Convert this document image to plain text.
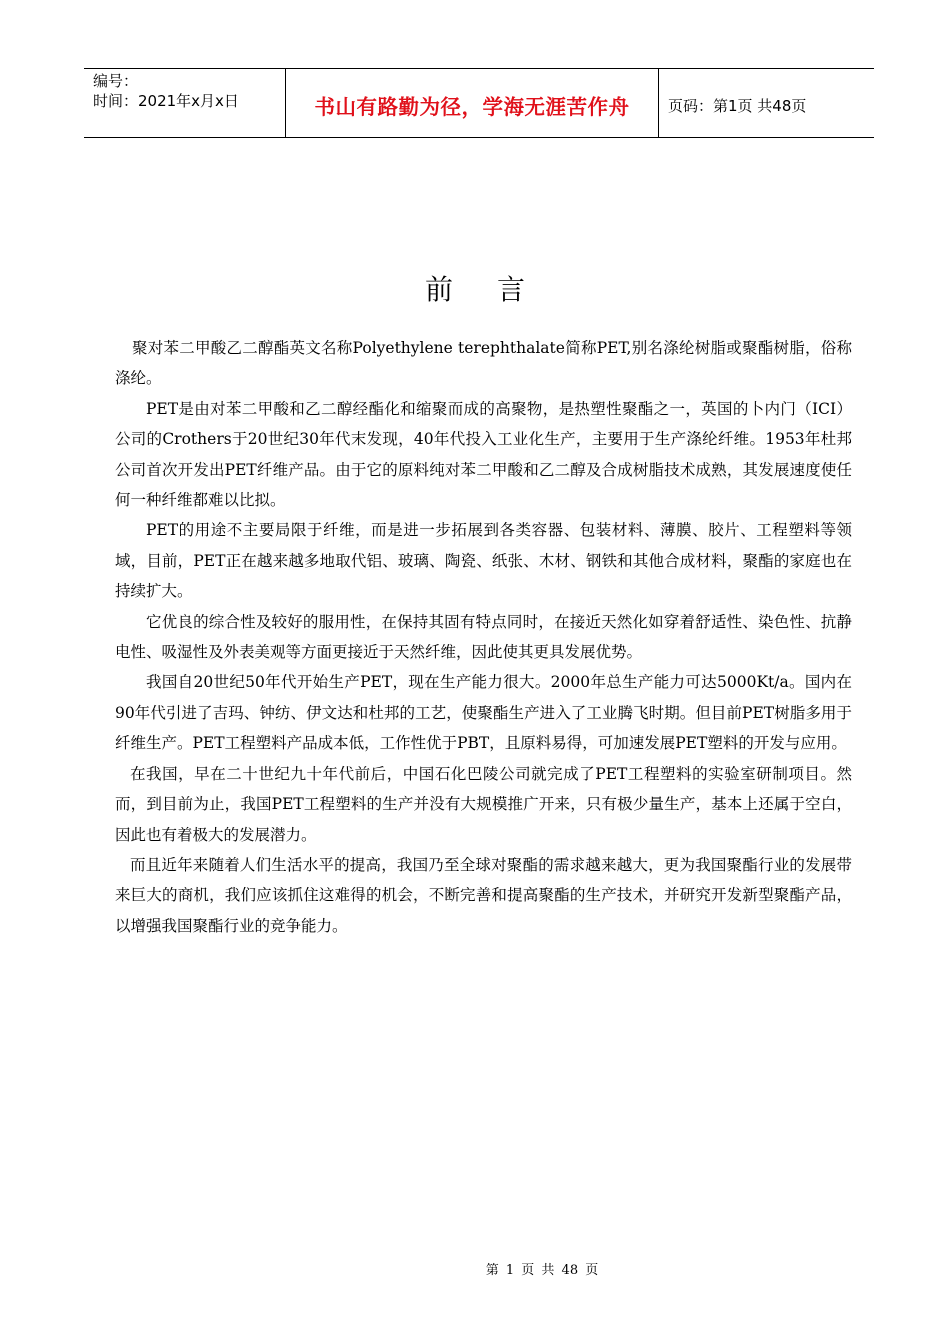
编号：
时间：2021年x月x日	书山有路勤为径，学海无涯苦作舟	页码：第1页 共48页
前言

聚对苯二甲酸乙二醇酯英文名称Polyethylene terephthalate简称PET,别名涤纶树脂或聚酯树脂，俗称涤纶。

PET是由对苯二甲酸和乙二醇经酯化和缩聚而成的高聚物，是热塑性聚酯之一，英国的卜内门（ICI）公司的Crothers于20世纪30年代末发现，40年代投入工业化生产，主要用于生产涤纶纤维。1953年杜邦公司首次开发出PET纤维产品。由于它的原料纯对苯二甲酸和乙二醇及合成树脂技术成熟，其发展速度使任何一种纤维都难以比拟。

PET的用途不主要局限于纤维，而是进一步拓展到各类容器、包装材料、薄膜、胶片、工程塑料等领域，目前，PET正在越来越多地取代铝、玻璃、陶瓷、纸张、木材、钢铁和其他合成材料，聚酯的家庭也在持续扩大。

它优良的综合性及较好的服用性，在保持其固有特点同时，在接近天然化如穿着舒适性、染色性、抗静电性、吸湿性及外表美观等方面更接近于天然纤维，因此使其更具发展优势。

我国自20世纪50年代开始生产PET，现在生产能力很大。2000年总生产能力可达5000Kt/a。国内在90年代引进了吉玛、钟纺、伊文达和杜邦的工艺，使聚酯生产进入了工业腾飞时期。但目前PET树脂多用于纤维生产。PET工程塑料产品成本低，工作性优于PBT，且原料易得，可加速发展PET塑料的开发与应用。

在我国，早在二十世纪九十年代前后，中国石化巴陵公司就完成了PET工程塑料的实验室研制项目。然而，到目前为止，我国PET工程塑料的生产并没有大规模推广开来，只有极少量生产，基本上还属于空白，因此也有着极大的发展潜力。

而且近年来随着人们生活水平的提高，我国乃至全球对聚酯的需求越来越大，更为我国聚酯行业的发展带来巨大的商机，我们应该抓住这难得的机会，不断完善和提高聚酯的生产技术，并研究开发新型聚酯产品，以增强我国聚酯行业的竞争能力。

第 1 页 共 48 页
